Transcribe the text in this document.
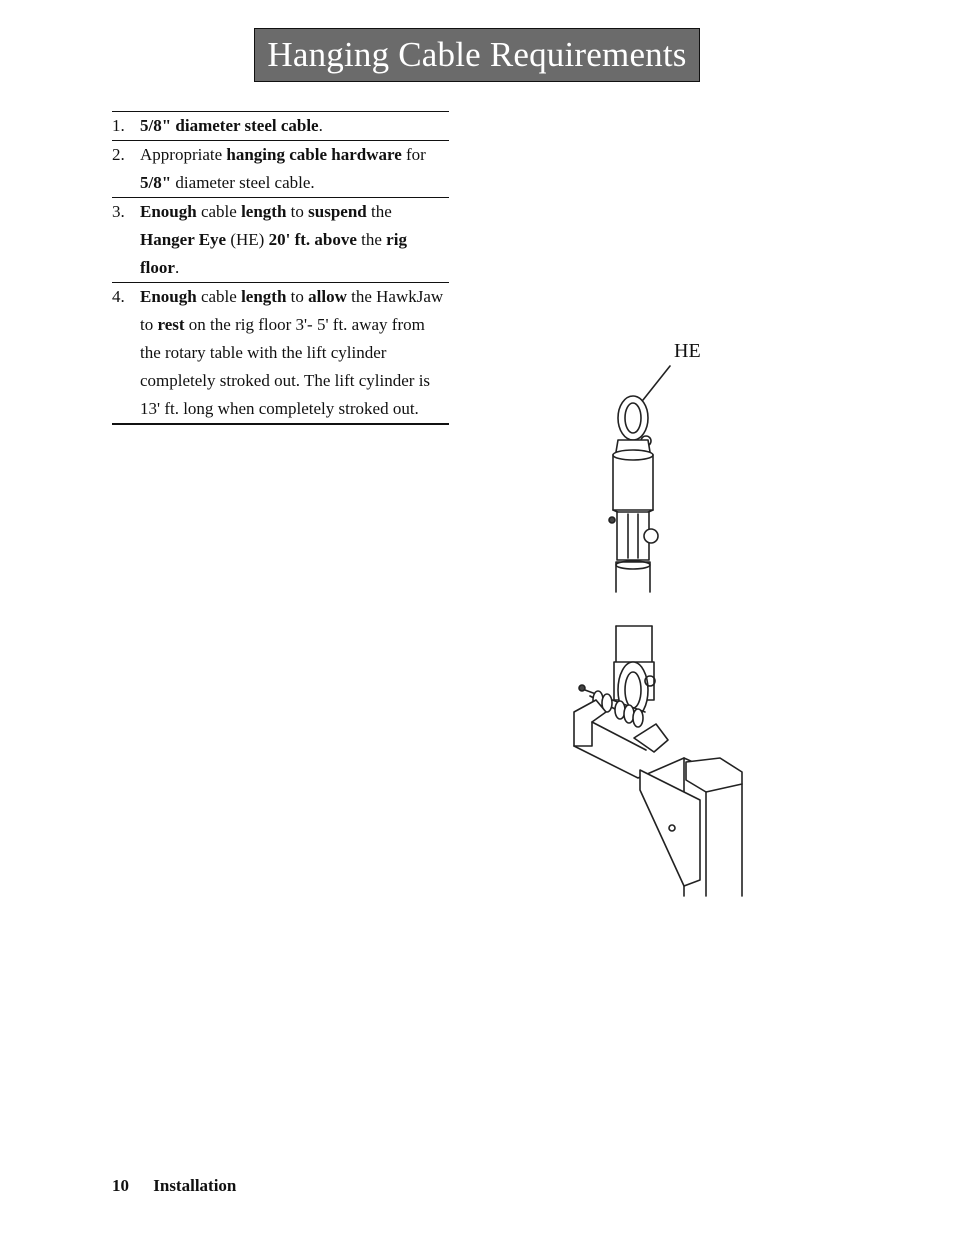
Hanging Cable Requirements
1. 5/8" diameter steel cable.
2. Appropriate hanging cable hardware for 5/8" diameter steel cable.
3. Enough cable length to suspend the Hanger Eye (HE) 20' ft. above the rig floor.
4. Enough cable length to allow the HawkJaw to rest on the rig floor 3'- 5' ft. away from the rotary table with the lift cylinder completely stroked out. The lift cylinder is 13' ft. long when completely stroked out.
HE
10 Installation
